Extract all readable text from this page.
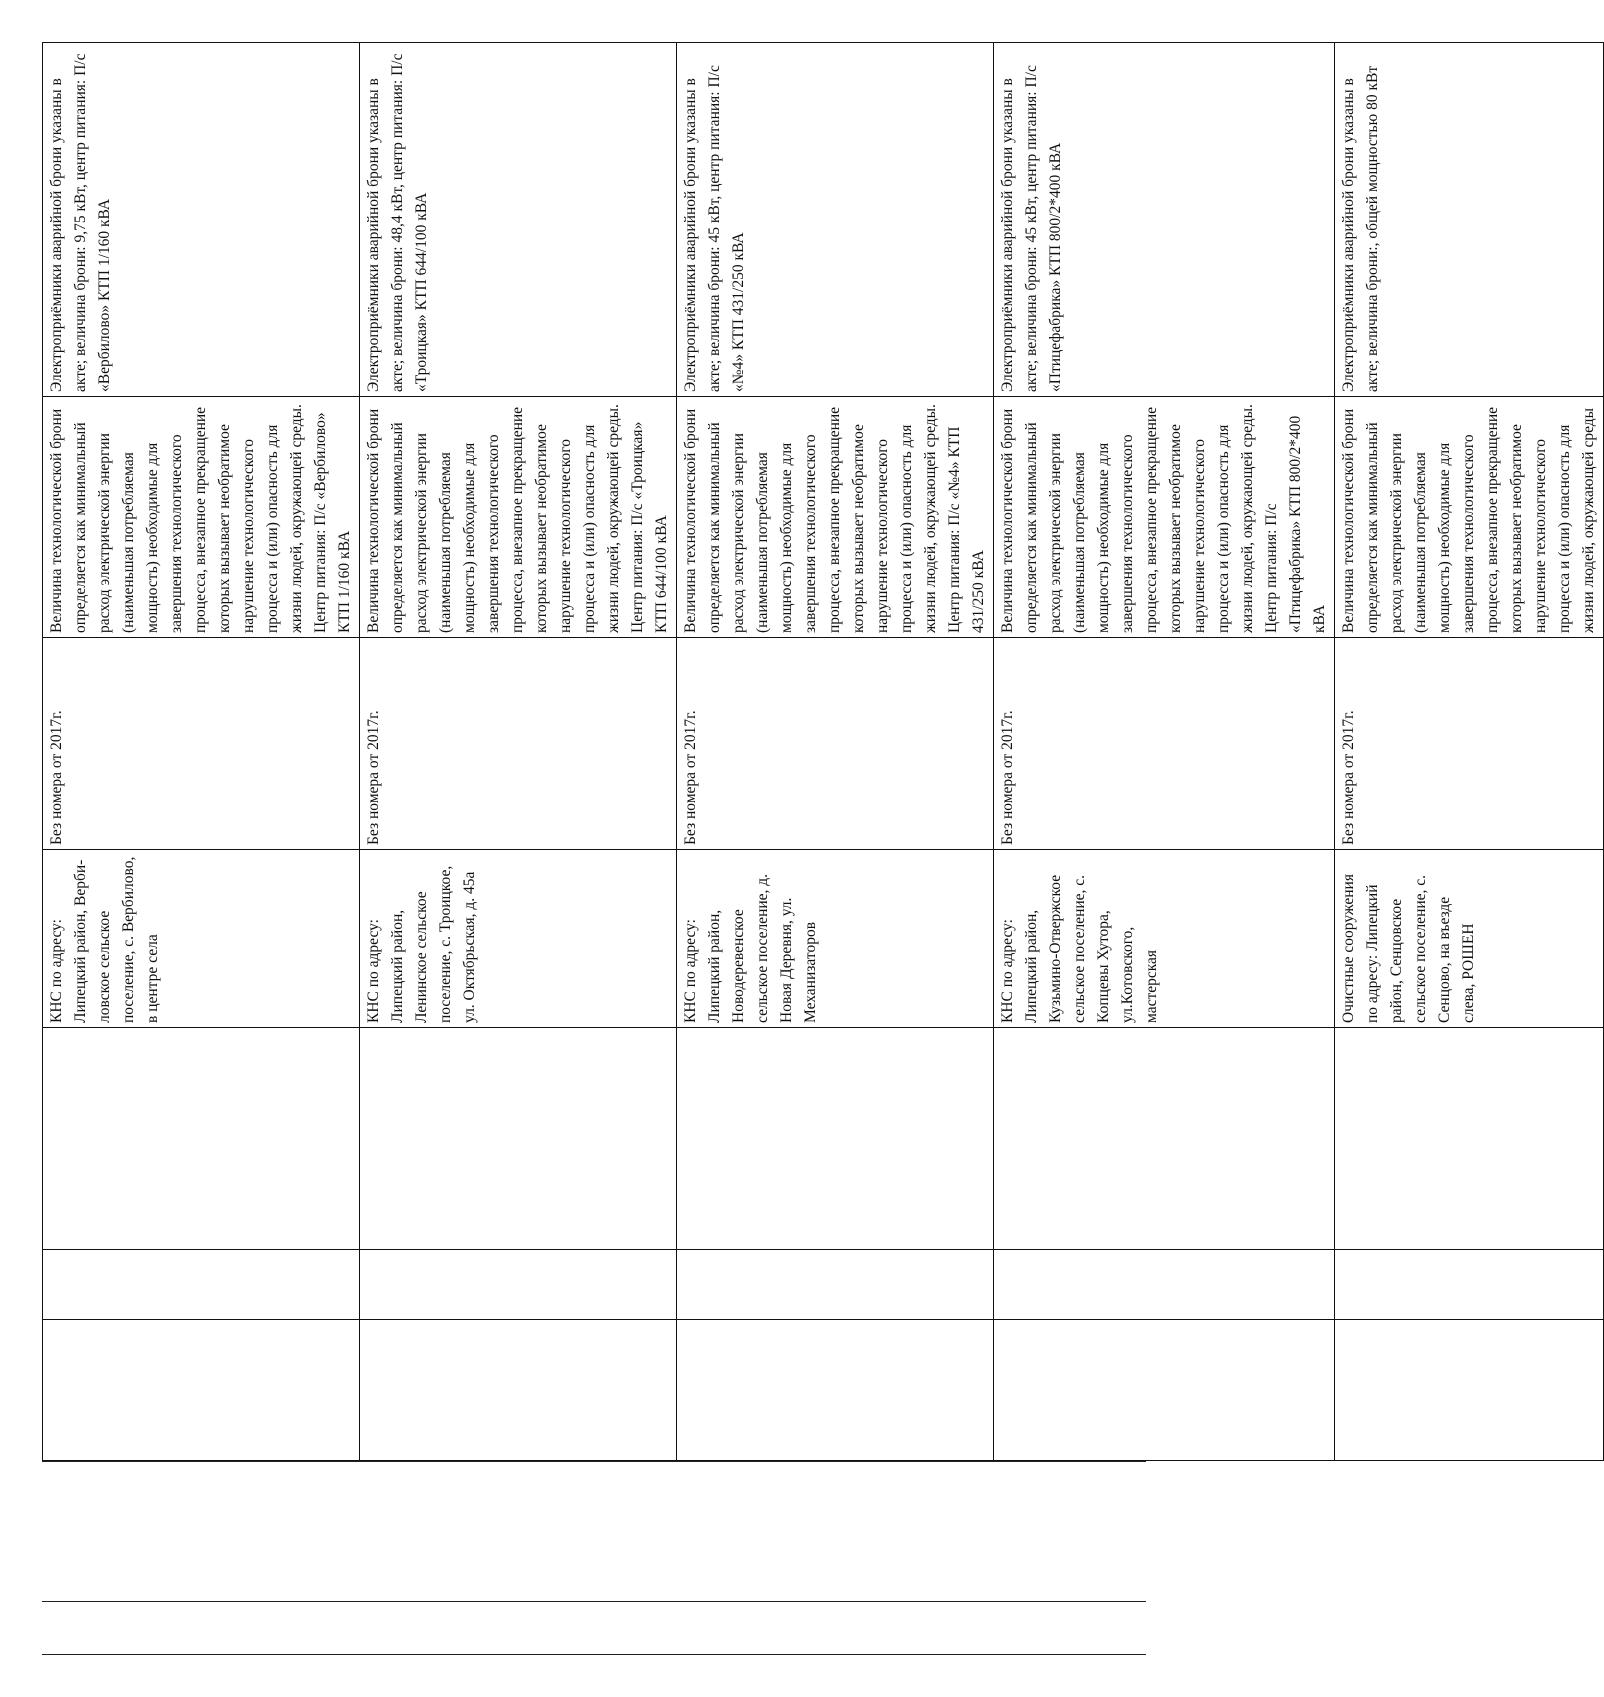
			КНС по адресу: Липецкий район, Вербиловское сельское поселение, с. Вербилово, в центре села	Без номера от 2017г.	Величина технологической брони определяется как минимальный расход электрической энергии (наименьшая потребляемая мощность) необходимые для завершения технологического процесса, внезапное прекращение которых вызывает необратимое нарушение технологического процесса и (или) опасность для жизни людей, окружающей среды. Центр питания: П/с «Вербилово» КТП 1/160 кВА	Электроприёмники аварийной брони указаны в акте; величина брони: 9,75 кВт, центр питания: П/с «Вербилово» КТП 1/160 кВА
			КНС по адресу: Липецкий район, Ленинское сельское поселение, с. Троицкое, ул. Октябрьская, д. 45а	Без номера от 2017г.	Величина технологической брони определяется как минимальный расход электрической энергии (наименьшая потребляемая мощность) необходимые для завершения технологического процесса, внезапное прекращение которых вызывает необратимое нарушение технологического процесса и (или) опасность для жизни людей, окружающей среды. Центр питания: П/с «Троицкая» КТП 644/100 кВА	Электроприёмники аварийной брони указаны в акте; величина брони: 48,4 кВт, центр питания: П/с «Троицкая» КТП 644/100 кВА
			КНС по адресу: Липецкий район, Новодеревенское сельское поселение, д. Новая Деревня, ул. Механизаторов	Без номера от 2017г.	Величина технологической брони определяется как минимальный расход электрической энергии (наименьшая потребляемая мощность) необходимые для завершения технологического процесса, внезапное прекращение которых вызывает необратимое нарушение технологического процесса и (или) опасность для жизни людей, окружающей среды. Центр питания: П/с «№4» КТП 431/250 кВА	Электроприёмники аварийной брони указаны в акте; величина брони: 45 кВт, центр питания: П/с «№4» КТП 431/250 кВА
			КНС по адресу: Липецкий район, Кузьмино-Отвержское сельское поселение, с. Копцевы Хутора, ул.Котовского, мастерская	Без номера от 2017г.	Величина технологической брони определяется как минимальный расход электрической энергии (наименьшая потребляемая мощность) необходимые для завершения технологического процесса, внезапное прекращение которых вызывает необратимое нарушение технологического процесса и (или) опасность для жизни людей, окружающей среды. Центр питания: П/с «Птицефабрика» КТП 800/2*400 кВА	Электроприёмники аварийной брони указаны в акте; величина брони: 45 кВт, центр питания: П/с «Птицефабрика» КТП 800/2*400 кВА
			Очистные сооружения по адресу: Липецкий район, Сенцовское сельское поселение, с. Сенцово, на въезде слева, РОШЕН	Без номера от 2017г.	Величина технологической брони определяется как минимальный расход электрической энергии (наименьшая потребляемая мощность) необходимые для завершения технологического процесса, внезапное прекращение которых вызывает необратимое нарушение технологического процесса и (или) опасность для жизни людей, окружающей среды	Электроприёмники аварийной брони указаны в акте; величина брони:, общей мощностью 80 кВт
